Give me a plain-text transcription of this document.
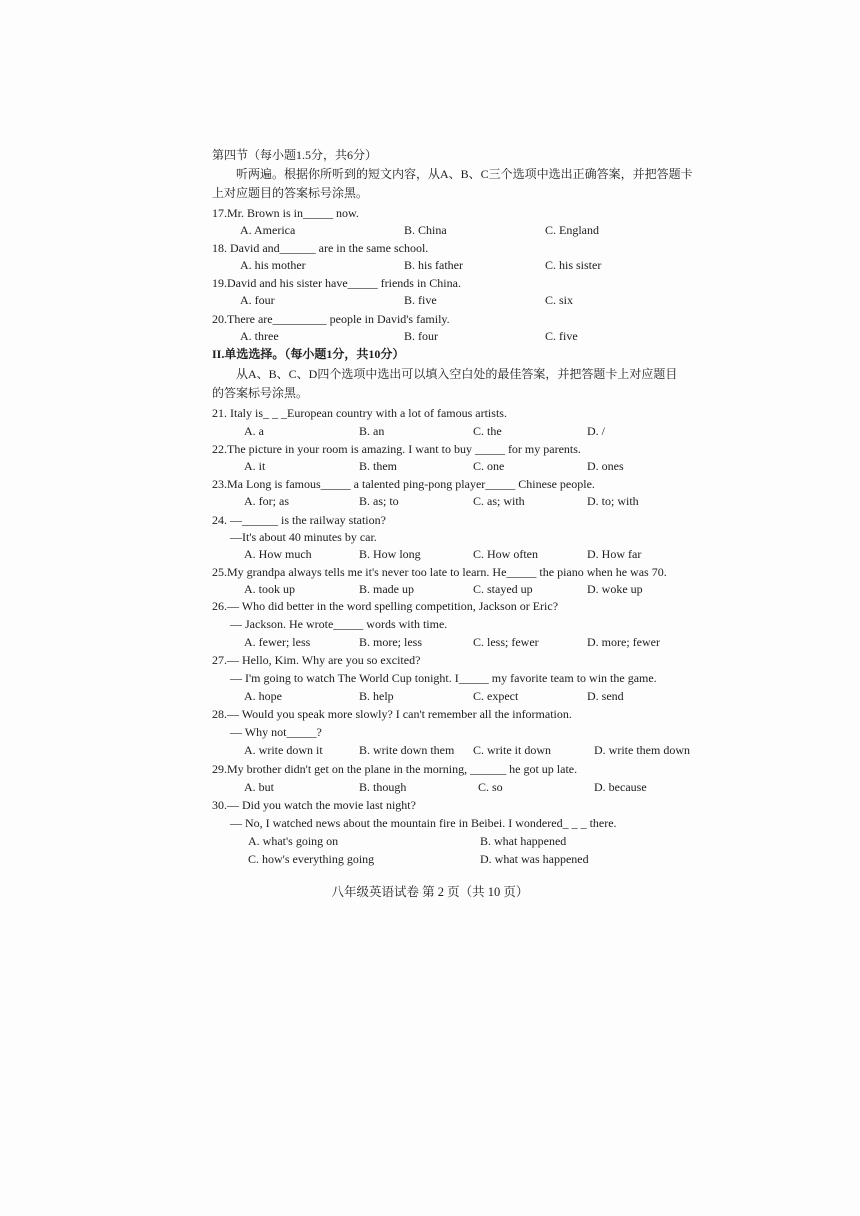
第四节（每小题1.5分，共6分）
听两遍。根据你所听到的短文内容，从A、B、C三个选项中选出正确答案，并把答题卡
上对应题目的答案标号涂黑。
17.Mr. Brown is in_____ now.
A. America	B. China	C. England
18. David and______ are in the same school.
A. his mother	B. his father	C. his sister
19.David and his sister have_____ friends in China.
A. four	B. five	C. six
20.There are_________ people in David's family.
A. three	B. four	C. five
II.单选选择。（每小题1分，共10分）
从A、B、C、D四个选项中选出可以填入空白处的最佳答案，并把答题卡上对应题目
的答案标号涂黑。
21. Italy is_ _ _European country with a lot of famous artists.
A. a	B. an	C. the	D. /
22.The picture in your room is amazing. I want to buy _____ for my parents.
A. it	B. them	C. one	D. ones
23.Ma Long is famous_____ a talented ping-pong player_____ Chinese people.
A. for; as	B. as; to	C. as; with	D. to; with
24. —______ is the railway station?
—It's about 40 minutes by car.
A. How much	B. How long	C. How often	D. How far
25.My grandpa always tells me it's never too late to learn. He_____ the piano when he was 70.
A. took up	B. made up	C. stayed up	D. woke up
26.— Who did better in the word spelling competition, Jackson or Eric?
— Jackson. He wrote_____ words with time.
A. fewer; less	B. more; less	C. less; fewer	D. more; fewer
27.— Hello, Kim. Why are you so excited?
— I'm going to watch The World Cup tonight. I_____ my favorite team to win the game.
A. hope	B. help	C. expect	D. send
28.— Would you speak more slowly? I can't remember all the information.
— Why not_____?
A. write down it	B. write down them C. write it down	D. write them down
29.My brother didn't get on the plane in the morning, ______ he got up late.
A. but	B. though	C. so	D. because
30.— Did you watch the movie last night?
— No, I watched news about the mountain fire in Beibei. I wondered_ _ _ there.
A. what's going on	B. what happened
C. how's everything going	D. what was happened
八年级英语试卷 第 2 页（共 10 页）
